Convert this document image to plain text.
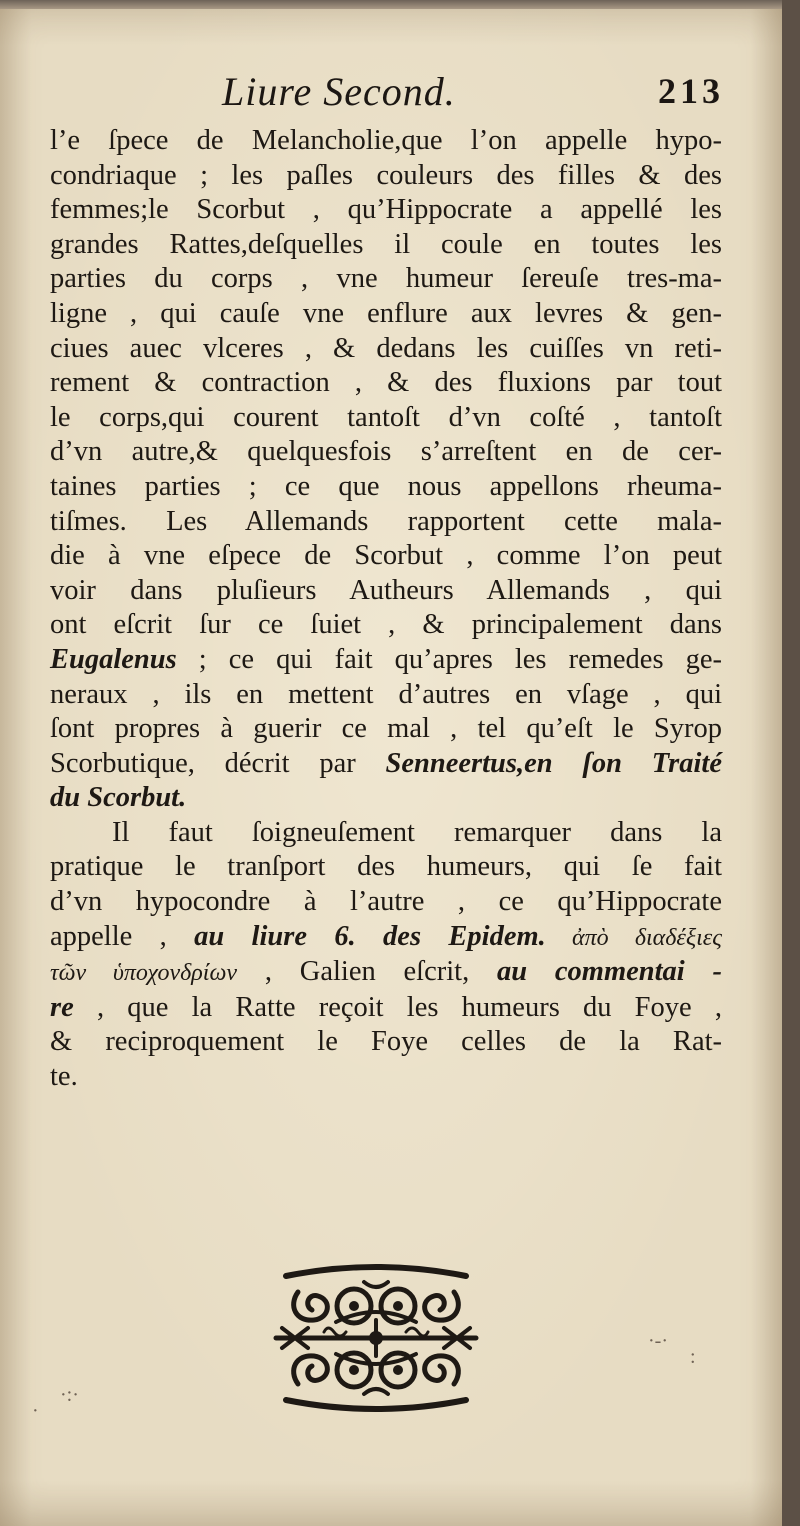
Liure Second.	213
l’e ſpece de Melancholie,que l’on appelle hypo-
condriaque ; les paſles couleurs des filles & des
femmes;le Scorbut , qu’Hippocrate a appellé les
grandes Rattes,deſquelles il coule en toutes les
parties du corps , vne humeur ſereuſe tres-ma-
ligne , qui cauſe vne enflure aux levres & gen-
ciues auec vlceres , & dedans les cuiſſes vn reti-
rement & contraction , & des fluxions par tout
le corps,qui courent tantoſt d’vn coſté , tantoſt
d’vn autre,& quelquesfois s’arreſtent en de cer-
taines parties ; ce que nous appellons rheuma-
tiſmes. Les Allemands rapportent cette mala-
die à vne eſpece de Scorbut , comme l’on peut
voir dans pluſieurs Autheurs Allemands , qui
ont eſcrit ſur ce ſuiet , & principalement dans
Eugalenus ; ce qui fait qu’apres les remedes ge-
neraux , ils en mettent d’autres en vſage , qui
ſont propres à guerir ce mal , tel qu’eſt le Syrop
Scorbutique, décrit par Senneertus,en ſon Traité
du Scorbut.
Il faut ſoigneuſement remarquer dans la
pratique le tranſport des humeurs, qui ſe fait
d’vn hypocondre à l’autre , ce qu’Hippocrate
appelle , au liure 6. des Epidem. ἀπὸ διαδέξιες
τῶν ὑποχονδρίων , Galien eſcrit, au commentai -
re , que la Ratte reçoit les humeurs du Foye ,
& reciproquement le Foye celles de la Rat-
te.
·:·
·-·
:
·
